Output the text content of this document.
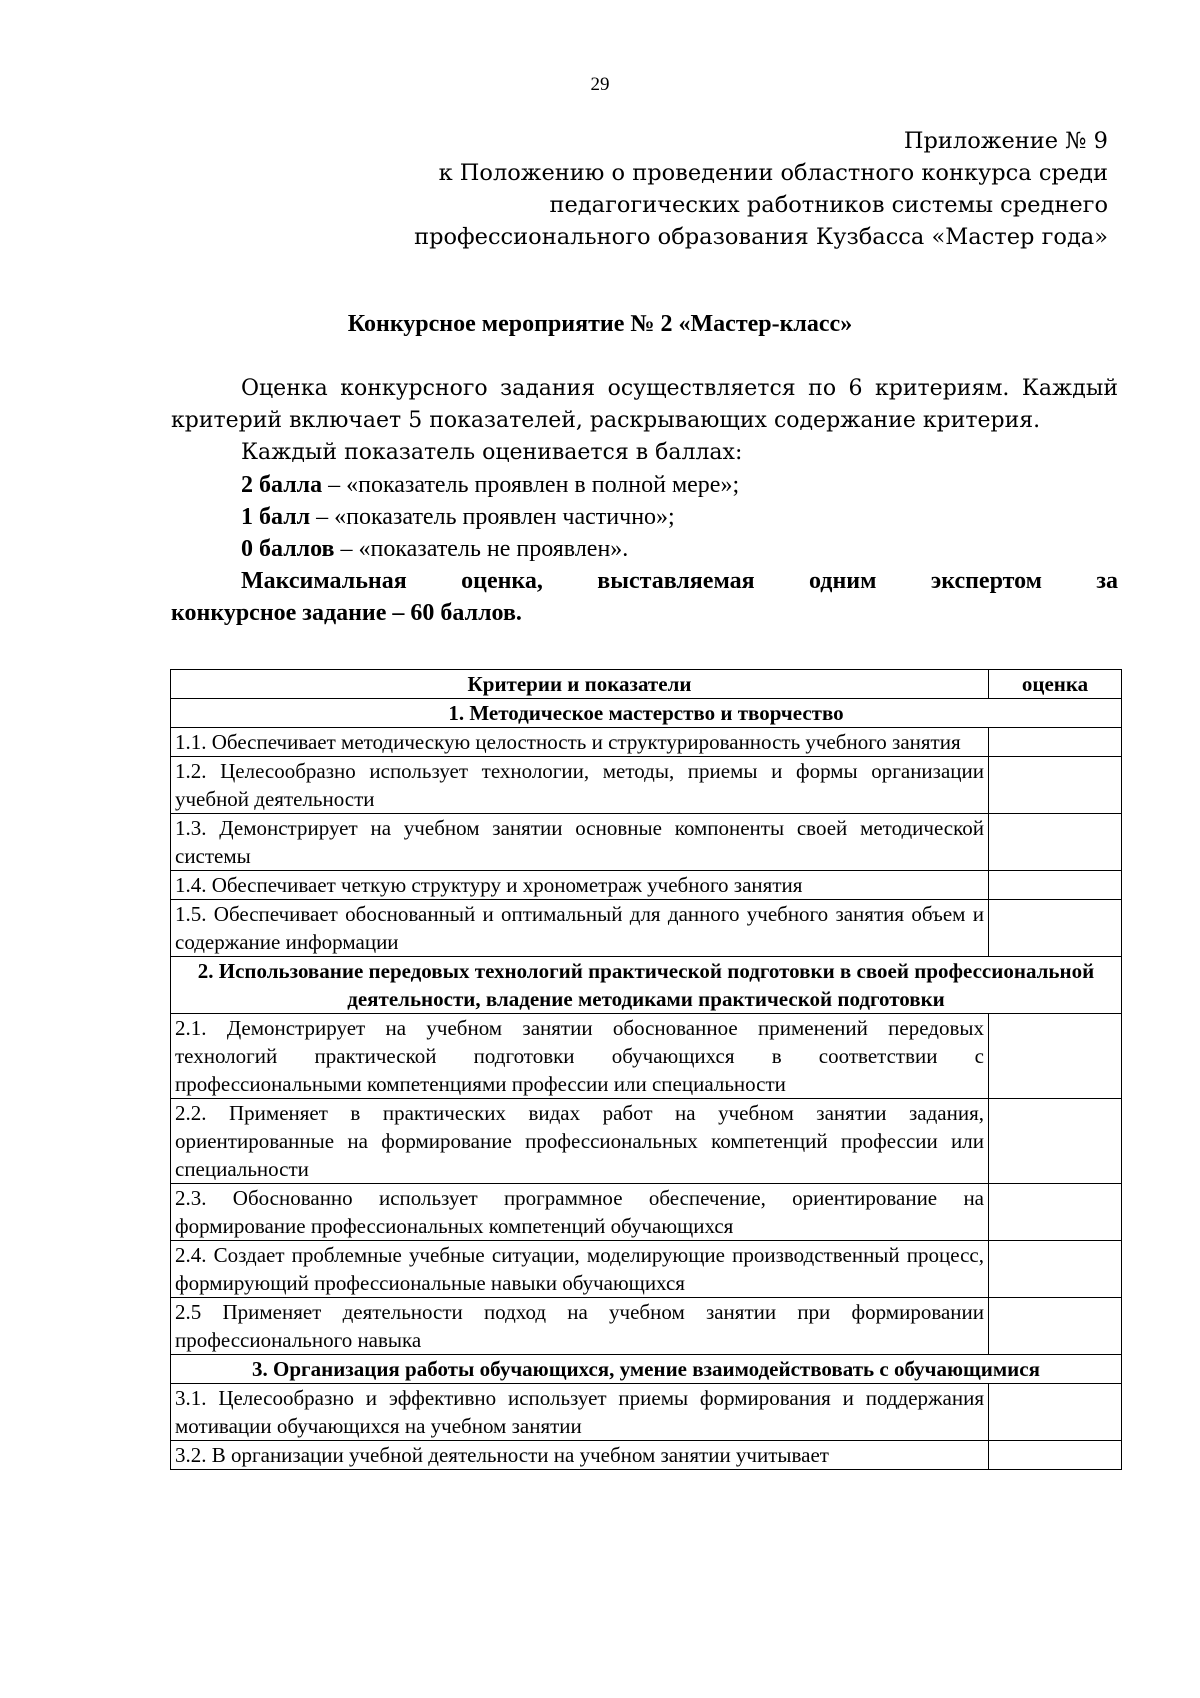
29
Приложение № 9
к Положению о проведении областного конкурса среди
педагогических работников системы среднего
профессионального образования Кузбасса «Мастер года»
Конкурсное мероприятие № 2 «Мастер-класс»

Оценка конкурсного задания осуществляется по 6 критериям. Каждый критерий включает 5 показателей, раскрывающих содержание критерия.

Каждый показатель оценивается в баллах:

2 балла – «показатель проявлен в полной мере»;

1 балл – «показатель проявлен частично»;

0 баллов – «показатель не проявлен».

Максимальная оценка, выставляемая одним экспертом за

конкурсное задание – 60 баллов.

Критерии и показатели	оценка
1. Методическое мастерство и творчество	
1.1. Обеспечивает методическую целостность и структурированность учебного занятия	
1.2. Целесообразно использует технологии, методы, приемы и формы организации учебной деятельности	
1.3. Демонстрирует на учебном занятии основные компоненты своей методической системы	
1.4. Обеспечивает четкую структуру и хронометраж учебного занятия	
1.5. Обеспечивает обоснованный и оптимальный для данного учебного занятия объем и содержание информации	
2. Использование передовых технологий практической подготовки в своей профессиональной деятельности, владение методиками практической подготовки	
2.1. Демонстрирует на учебном занятии обоснованное применений передовых технологий практической подготовки обучающихся в соответствии с профессиональными компетенциями профессии или специальности	
2.2. Применяет в практических видах работ на учебном занятии задания, ориентированные на формирование профессиональных компетенций профессии или специальности	
2.3. Обоснованно использует программное обеспечение, ориентирование на формирование профессиональных компетенций обучающихся	
2.4. Создает проблемные учебные ситуации, моделирующие производственный процесс, формирующий профессиональные навыки обучающихся	
2.5 Применяет деятельности подход на учебном занятии при формировании профессионального навыка	
3. Организация работы обучающихся, умение взаимодействовать с обучающимися	
3.1. Целесообразно и эффективно использует приемы формирования и поддержания мотивации обучающихся на учебном занятии	
3.2. В организации учебной деятельности на учебном занятии учитывает	
